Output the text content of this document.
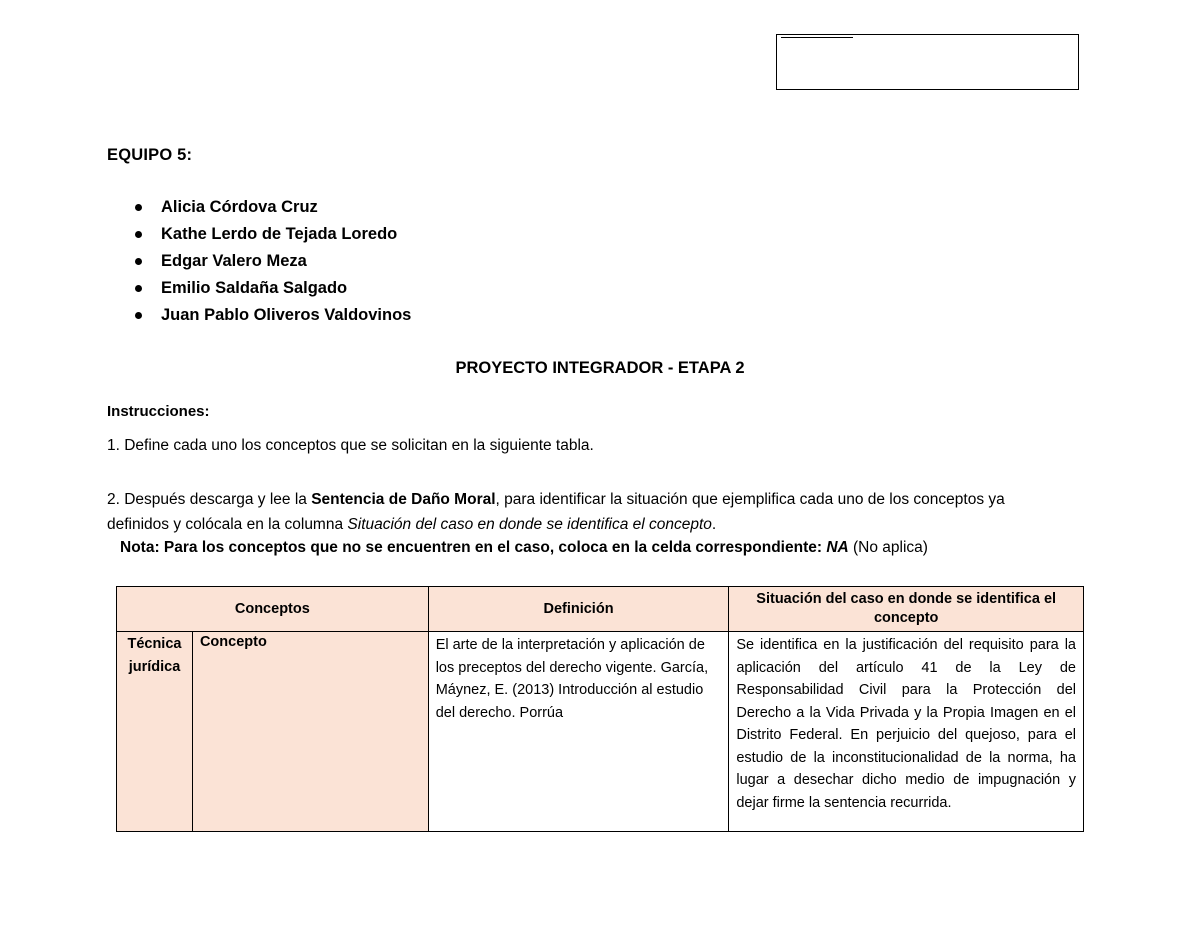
EQUIPO 5:
Alicia Córdova Cruz
Kathe Lerdo de Tejada Loredo
Edgar Valero Meza
Emilio Saldaña Salgado
Juan Pablo Oliveros Valdovinos
PROYECTO INTEGRADOR - ETAPA 2
Instrucciones:
1. Define cada uno los conceptos que se solicitan en la siguiente tabla.
2. Después descarga y lee la Sentencia de Daño Moral, para identificar la situación que ejemplifica cada uno de los conceptos ya definidos y colócala en la columna Situación del caso en donde se identifica el concepto.
Nota: Para los conceptos que no se encuentren en el caso, coloca en la celda correspondiente: NA (No aplica)
Conceptos		Definición	Situación del caso en donde se identifica el concepto
Técnica jurídica	Concepto	El arte de la interpretación y aplicación de los preceptos del derecho vigente. García, Máynez, E. (2013) Introducción al estudio del derecho. Porrúa	Se identifica en la justificación del requisito para la aplicación del artículo 41 de la Ley de Responsabilidad Civil para la Protección del Derecho a la Vida Privada y la Propia Imagen en el Distrito Federal. En perjuicio del quejoso, para el estudio de la inconstitucionalidad de la norma, ha lugar a desechar dicho medio de impugnación y dejar firme la sentencia recurrida.
